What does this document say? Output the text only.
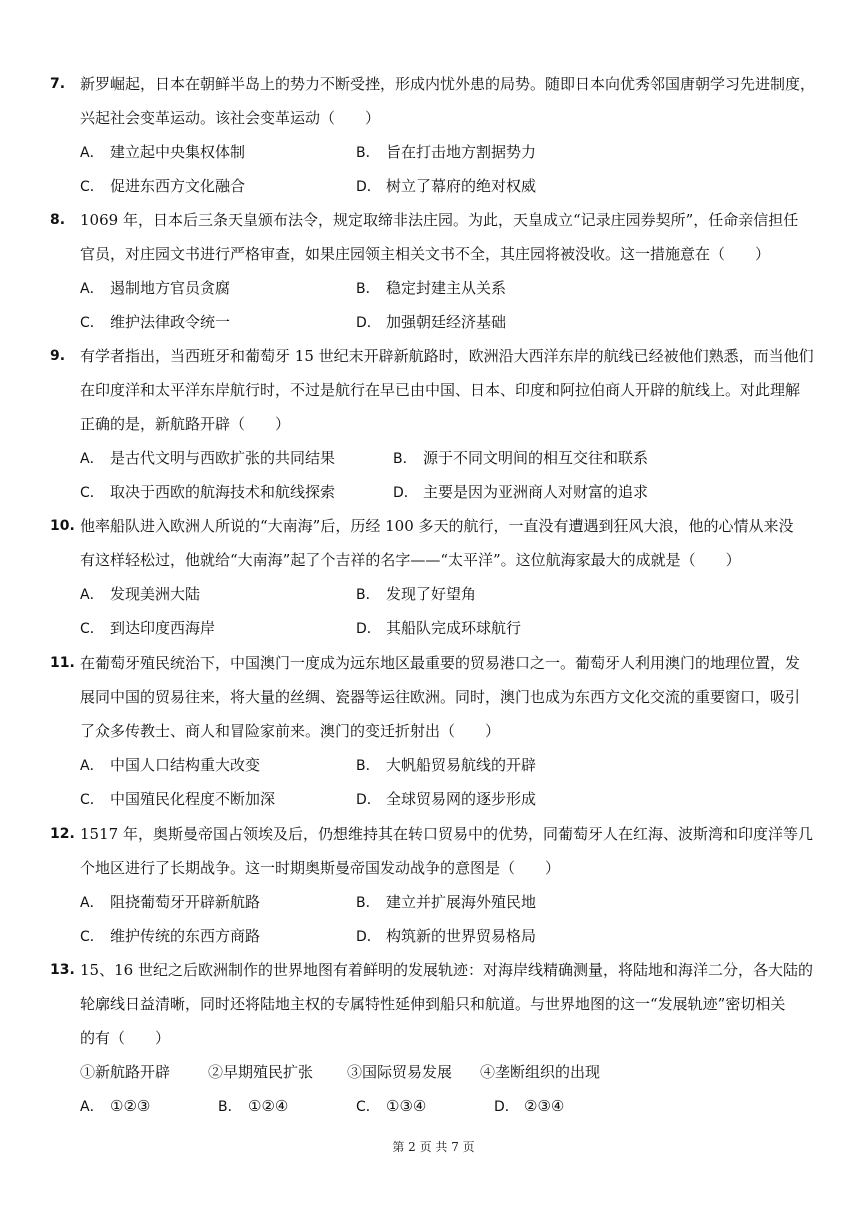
7. 新罗崛起，日本在朝鲜半岛上的势力不断受挫，形成内忧外患的局势。随即日本向优秀邻国唐朝学习先进制度，
兴起社会变革运动。该社会变革运动（　　）
A． 建立起中央集权体制	B． 旨在打击地方割据势力
C． 促进东西方文化融合	D． 树立了幕府的绝对权威
8. 1069 年，日本后三条天皇颁布法令，规定取缔非法庄园。为此，天皇成立“记录庄园券契所”，任命亲信担任
官员，对庄园文书进行严格审查，如果庄园领主相关文书不全，其庄园将被没收。这一措施意在（　　）
A． 遏制地方官员贪腐	B． 稳定封建主从关系
C． 维护法律政令统一	D． 加强朝廷经济基础
9. 有学者指出，当西班牙和葡萄牙 15 世纪末开辟新航路时，欧洲沿大西洋东岸的航线已经被他们熟悉，而当他们
在印度洋和太平洋东岸航行时，不过是航行在早已由中国、日本、印度和阿拉伯商人开辟的航线上。对此理解
正确的是，新航路开辟（　　）
A． 是古代文明与西欧扩张的共同结果	B． 源于不同文明间的相互交往和联系
C． 取决于西欧的航海技术和航线探索	D． 主要是因为亚洲商人对财富的追求
10. 他率船队进入欧洲人所说的“大南海”后，历经 100 多天的航行，一直没有遭遇到狂风大浪，他的心情从来没
有这样轻松过，他就给“大南海”起了个吉祥的名字——“太平洋”。这位航海家最大的成就是（　　）
A． 发现美洲大陆	B． 发现了好望角
C． 到达印度西海岸	D． 其船队完成环球航行
11. 在葡萄牙殖民统治下，中国澳门一度成为远东地区最重要的贸易港口之一。葡萄牙人利用澳门的地理位置，发
展同中国的贸易往来，将大量的丝绸、瓷器等运往欧洲。同时，澳门也成为东西方文化交流的重要窗口，吸引
了众多传教士、商人和冒险家前来。澳门的变迁折射出（　　）
A． 中国人口结构重大改变	B． 大帆船贸易航线的开辟
C． 中国殖民化程度不断加深	D． 全球贸易网的逐步形成
12. 1517 年，奥斯曼帝国占领埃及后，仍想维持其在转口贸易中的优势，同葡萄牙人在红海、波斯湾和印度洋等几
个地区进行了长期战争。这一时期奥斯曼帝国发动战争的意图是（　　）
A． 阻挠葡萄牙开辟新航路	B． 建立并扩展海外殖民地
C． 维护传统的东西方商路	D． 构筑新的世界贸易格局
13. 15、16 世纪之后欧洲制作的世界地图有着鲜明的发展轨迹：对海岸线精确测量，将陆地和海洋二分，各大陆的
轮廓线日益清晰，同时还将陆地主权的专属特性延伸到船只和航道。与世界地图的这一“发展轨迹”密切相关
的有（　　）
①新航路开辟	②早期殖民扩张 ③国际贸易发展 ④垄断组织的出现
A． ①②③	B． ①②④	C． ①③④	D． ②③④
第 2 页 共 7 页
